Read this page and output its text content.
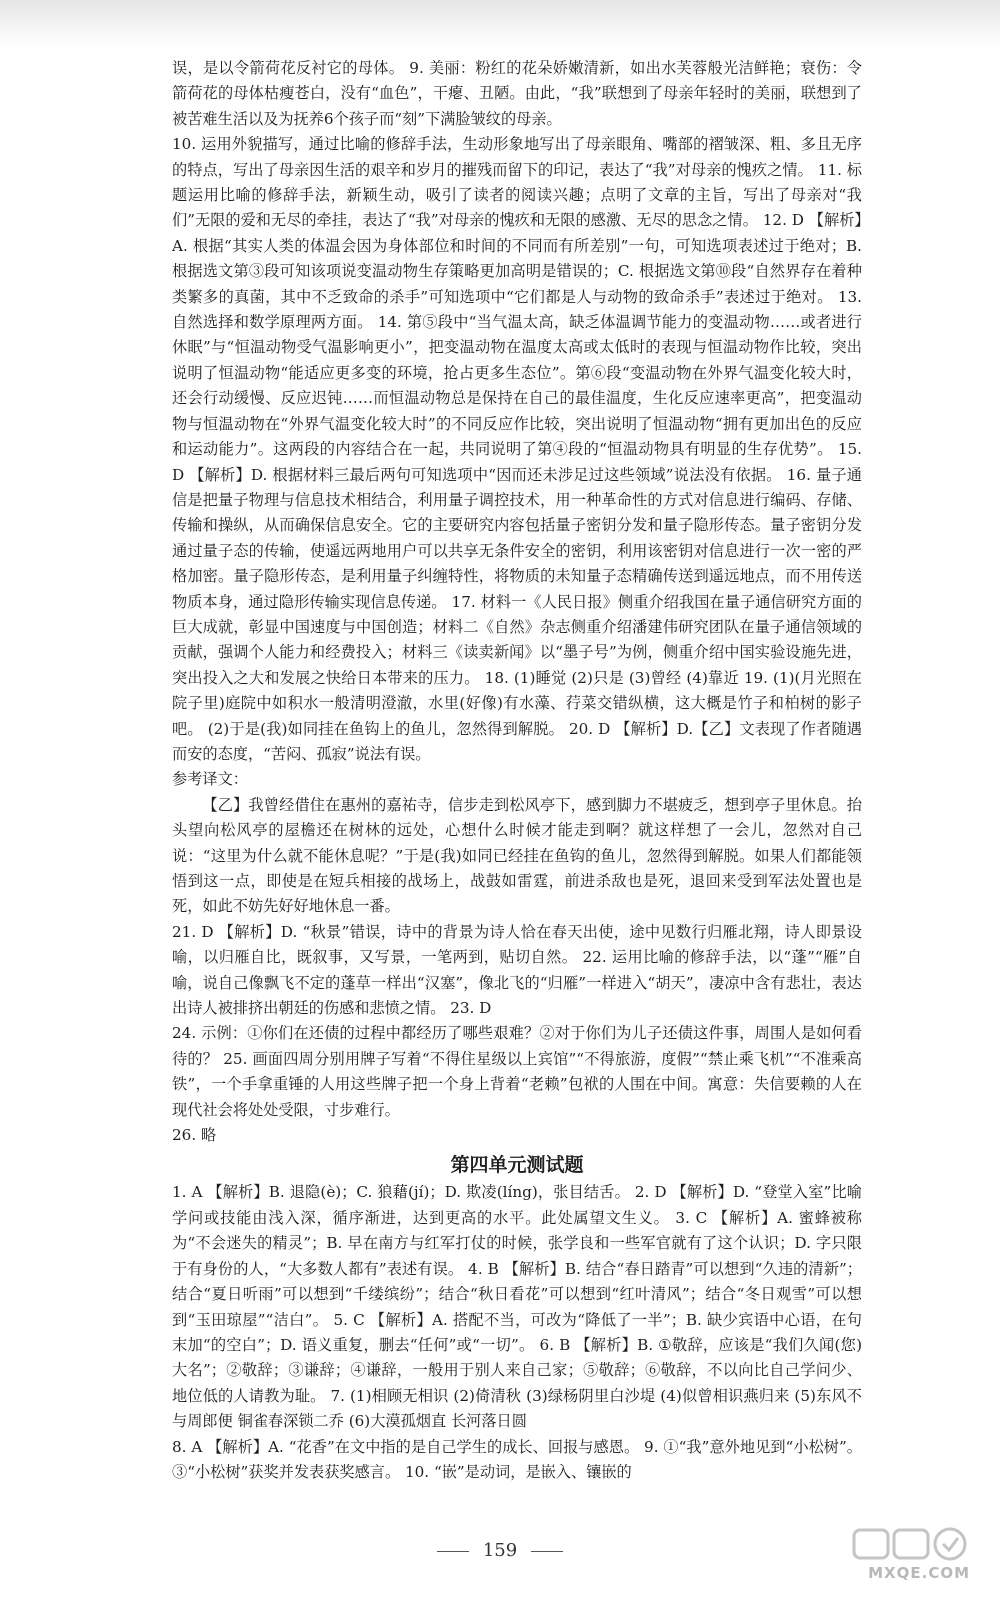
误，是以令箭荷花反衬它的母体。 9. 美丽：粉红的花朵娇嫩清新，如出水芙蓉般光洁鲜艳；衰伤：令箭荷花的母体枯瘦苍白，没有“血色”，干瘪、丑陋。由此，“我”联想到了母亲年轻时的美丽，联想到了被苦难生活以及为抚养6个孩子而“刻”下满脸皱纹的母亲。

10. 运用外貌描写，通过比喻的修辞手法，生动形象地写出了母亲眼角、嘴部的褶皱深、粗、多且无序的特点，写出了母亲因生活的艰辛和岁月的摧残而留下的印记，表达了“我”对母亲的愧疚之情。 11. 标题运用比喻的修辞手法，新颖生动，吸引了读者的阅读兴趣；点明了文章的主旨，写出了母亲对“我们”无限的爱和无尽的牵挂，表达了“我”对母亲的愧疚和无限的感激、无尽的思念之情。 12. D 【解析】A. 根据“其实人类的体温会因为身体部位和时间的不同而有所差别”一句，可知选项表述过于绝对；B. 根据选文第③段可知该项说变温动物生存策略更加高明是错误的；C. 根据选文第⑩段“自然界存在着种类繁多的真菌，其中不乏致命的杀手”可知选项中“它们都是人与动物的致命杀手”表述过于绝对。 13. 自然选择和数学原理两方面。 14. 第⑤段中“当气温太高，缺乏体温调节能力的变温动物……或者进行休眠”与“恒温动物受气温影响更小”，把变温动物在温度太高或太低时的表现与恒温动物作比较，突出说明了恒温动物“能适应更多变的环境，抢占更多生态位”。第⑥段“变温动物在外界气温变化较大时，还会行动缓慢、反应迟钝……而恒温动物总是保持在自己的最佳温度，生化反应速率更高”，把变温动物与恒温动物在“外界气温变化较大时”的不同反应作比较，突出说明了恒温动物“拥有更加出色的反应和运动能力”。这两段的内容结合在一起，共同说明了第④段的“恒温动物具有明显的生存优势”。 15. D 【解析】D. 根据材料三最后两句可知选项中“因而还未涉足过这些领域”说法没有依据。 16. 量子通信是把量子物理与信息技术相结合，利用量子调控技术，用一种革命性的方式对信息进行编码、存储、传输和操纵，从而确保信息安全。它的主要研究内容包括量子密钥分发和量子隐形传态。量子密钥分发通过量子态的传输，使遥远两地用户可以共享无条件安全的密钥，利用该密钥对信息进行一次一密的严格加密。量子隐形传态，是利用量子纠缠特性，将物质的未知量子态精确传送到遥远地点，而不用传送物质本身，通过隐形传输实现信息传递。 17. 材料一《人民日报》侧重介绍我国在量子通信研究方面的巨大成就，彰显中国速度与中国创造；材料二《自然》杂志侧重介绍潘建伟研究团队在量子通信领域的贡献，强调个人能力和经费投入；材料三《读卖新闻》以“墨子号”为例，侧重介绍中国实验设施先进，突出投入之大和发展之快给日本带来的压力。 18. (1)睡觉 (2)只是 (3)曾经 (4)靠近 19. (1)(月光照在院子里)庭院中如积水一般清明澄澈，水里(好像)有水藻、荇菜交错纵横，这大概是竹子和柏树的影子吧。 (2)于是(我)如同挂在鱼钩上的鱼儿，忽然得到解脱。 20. D 【解析】D.【乙】文表现了作者随遇而安的态度，“苦闷、孤寂”说法有误。

参考译文：

【乙】我曾经借住在惠州的嘉祐寺，信步走到松风亭下，感到脚力不堪疲乏，想到亭子里休息。抬头望向松风亭的屋檐还在树林的远处，心想什么时候才能走到啊？就这样想了一会儿，忽然对自己说：“这里为什么就不能休息呢？”于是(我)如同已经挂在鱼钩的鱼儿，忽然得到解脱。如果人们都能领悟到这一点，即使是在短兵相接的战场上，战鼓如雷霆，前进杀敌也是死，退回来受到军法处置也是死，如此不妨先好好地休息一番。

21. D 【解析】D. “秋景”错误，诗中的背景为诗人恰在春天出使，途中见数行归雁北翔，诗人即景设喻，以归雁自比，既叙事，又写景，一笔两到，贴切自然。 22. 运用比喻的修辞手法，以“蓬”“雁”自喻，说自己像飘飞不定的蓬草一样出“汉塞”，像北飞的“归雁”一样进入“胡天”，凄凉中含有悲壮，表达出诗人被排挤出朝廷的伤感和悲愤之情。 23. D

24. 示例：①你们在还债的过程中都经历了哪些艰难？②对于你们为儿子还债这件事，周围人是如何看待的？ 25. 画面四周分别用牌子写着“不得住星级以上宾馆”“不得旅游，度假”“禁止乘飞机”“不准乘高铁”，一个手拿重锤的人用这些牌子把一个身上背着“老赖”包袱的人围在中间。寓意：失信要赖的人在现代社会将处处受限，寸步难行。

26. 略

第四单元测试题

1. A 【解析】B. 退隐(è)；C. 狼藉(jí)；D. 欺凌(líng)，张目结舌。 2. D 【解析】D. “登堂入室”比喻学问或技能由浅入深，循序渐进，达到更高的水平。此处属望文生义。 3. C 【解析】A. 蜜蜂被称为“不会迷失的精灵”；B. 早在南方与红军打仗的时候，张学良和一些军官就有了这个认识；D. 字只限于有身份的人，“大多数人都有”表述有误。 4. B 【解析】B. 结合“春日踏青”可以想到“久违的清新”；结合“夏日听雨”可以想到“千缕缤纷”；结合“秋日看花”可以想到“红叶清风”；结合“冬日观雪”可以想到“玉田琼屋”“洁白”。 5. C 【解析】A. 搭配不当，可改为“降低了一半”；B. 缺少宾语中心语，在句末加“的空白”；D. 语义重复，删去“任何”或“一切”。 6. B 【解析】B. ①敬辞，应该是“我们久闻(您)大名”；②敬辞；③谦辞；④谦辞，一般用于别人来自己家；⑤敬辞；⑥敬辞，不以向比自己学问少、地位低的人请教为耻。 7. (1)相顾无相识 (2)倚清秋 (3)绿杨阴里白沙堤 (4)似曾相识燕归来 (5)东风不与周郎便 铜雀春深锁二乔 (6)大漠孤烟直 长河落日圆

8. A 【解析】A. “花香”在文中指的是自己学生的成长、回报与感恩。 9. ①“我”意外地见到“小松树”。 ③“小松树”获奖并发表获奖感言。 10. “嵌”是动词，是嵌入、镶嵌的

159
MXQE.COM
